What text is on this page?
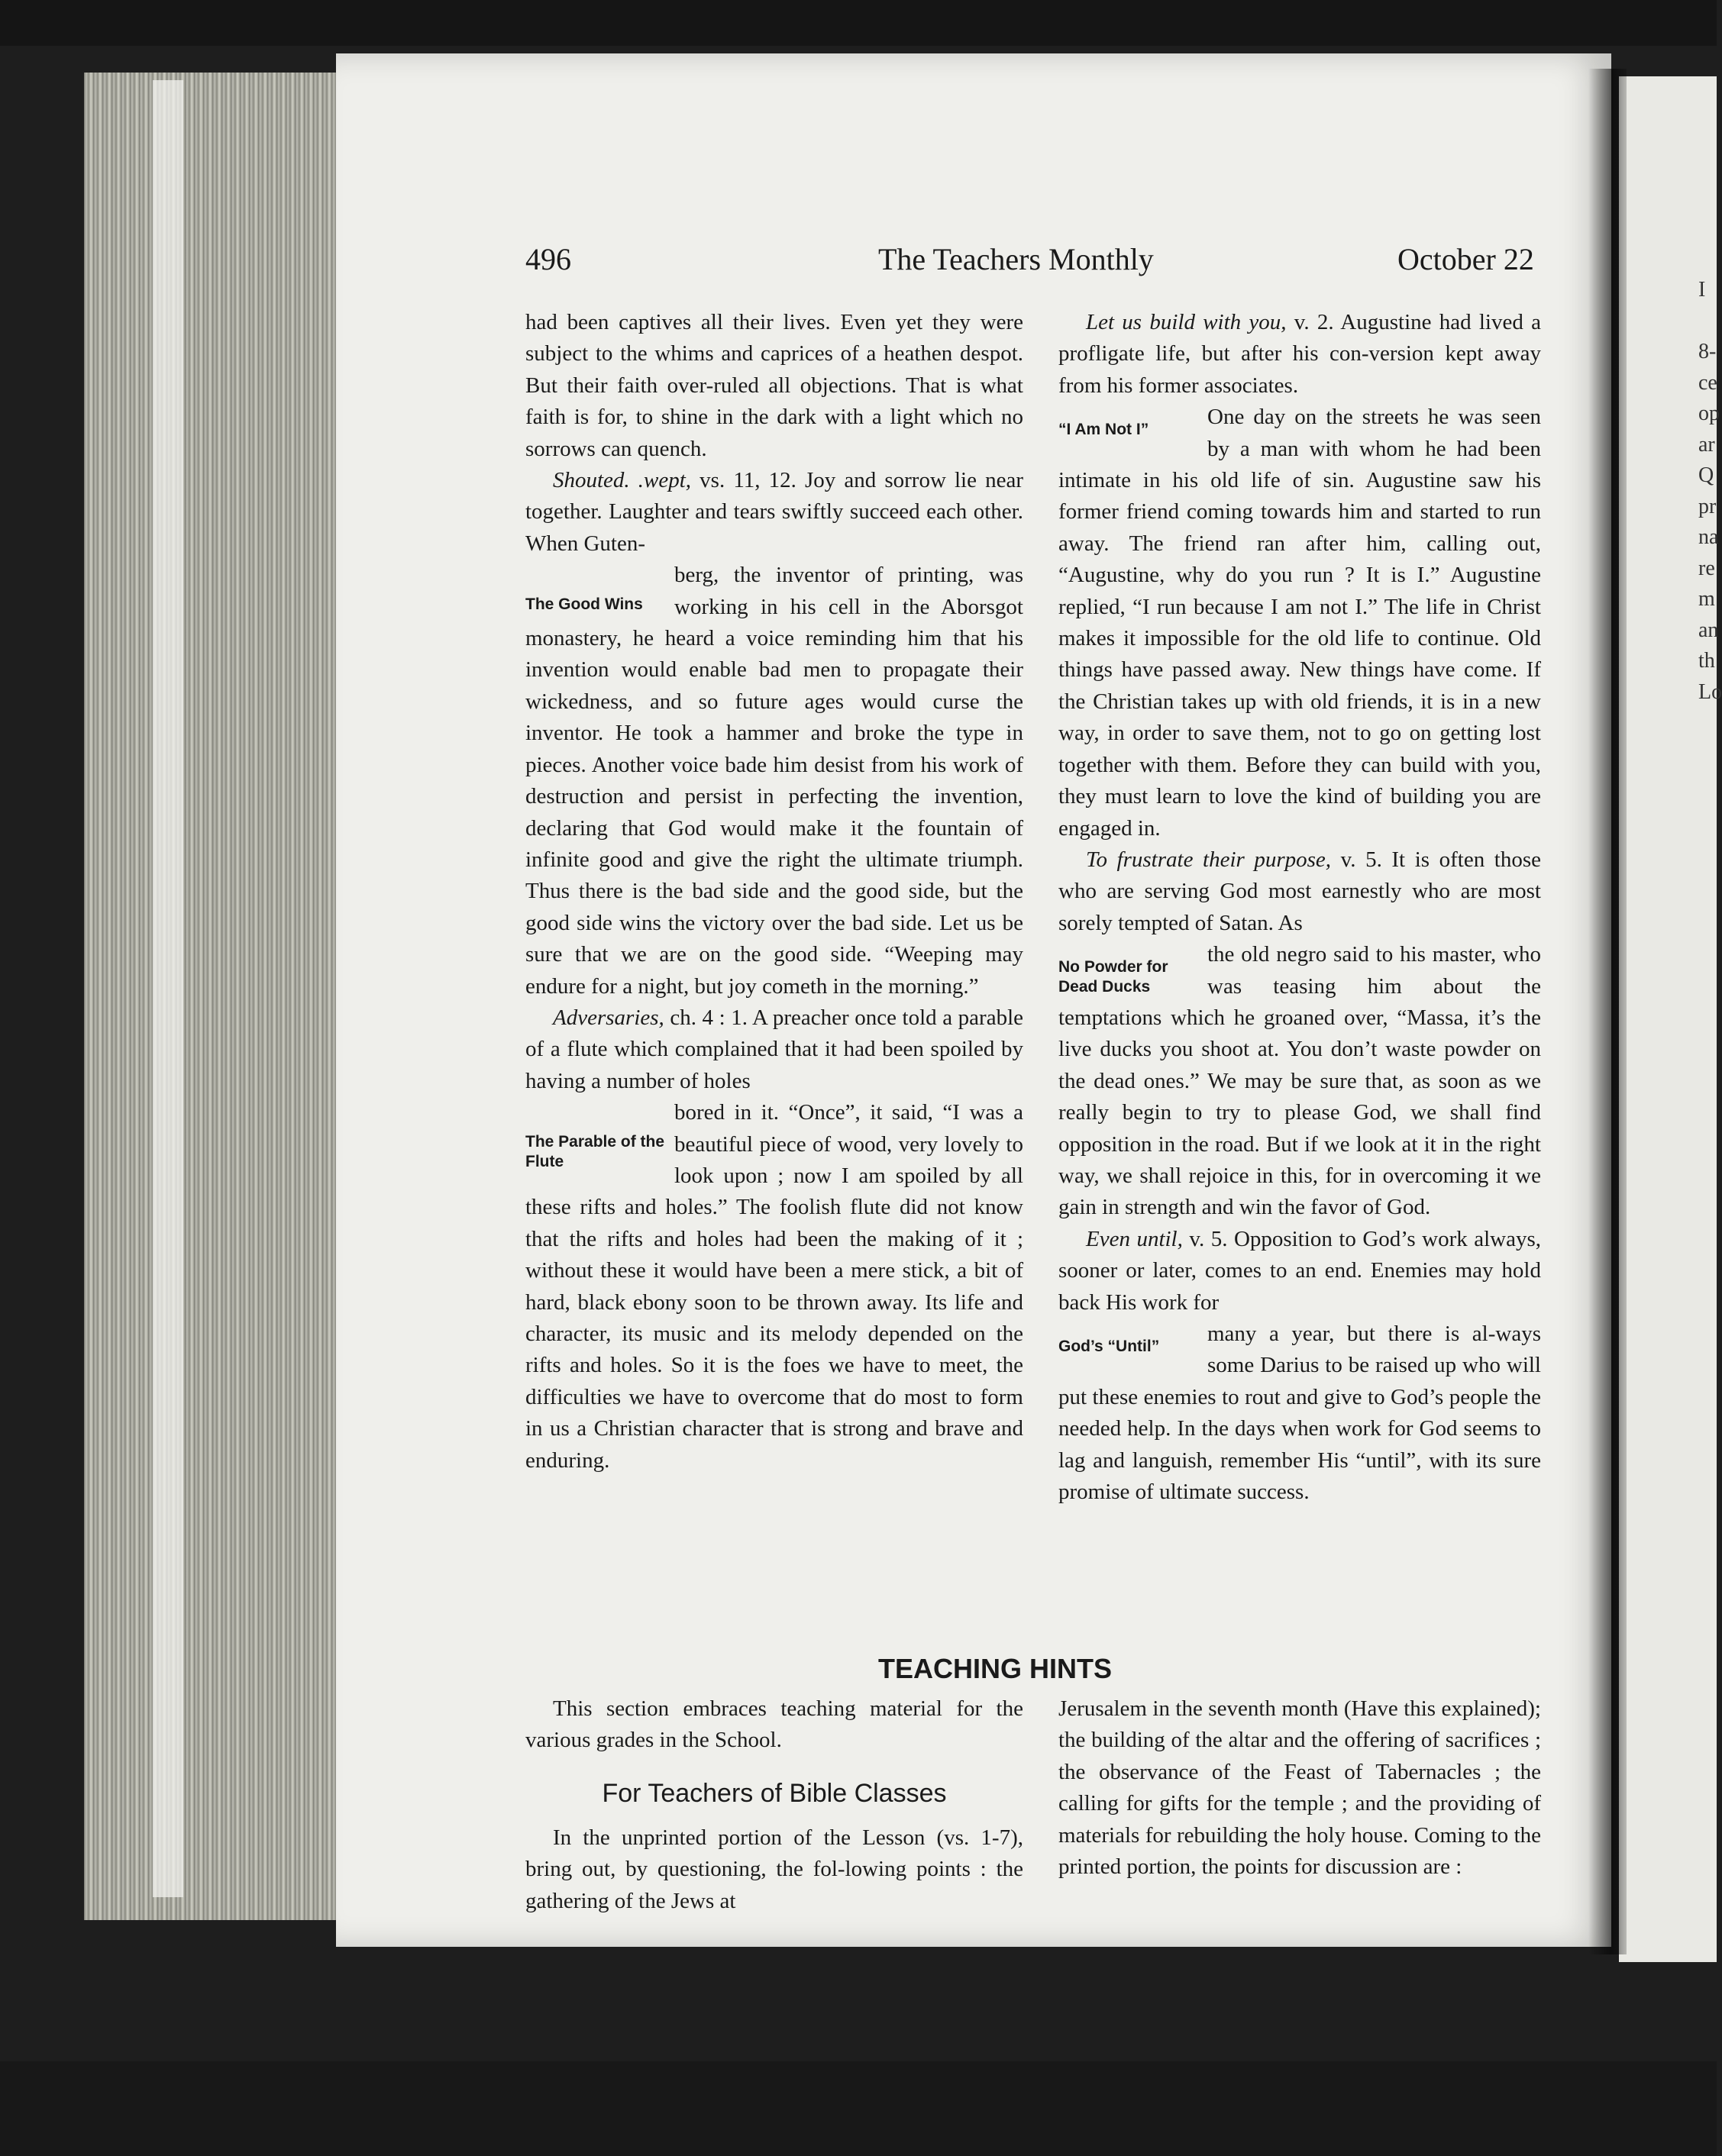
496	The Teachers Monthly	October 22

had been captives all their lives. Even yet they were subject to the whims and caprices of a heathen despot. But their faith over-ruled all objections. That is what faith is for, to shine in the dark with a light which no sorrows can quench.

Shouted. .wept, vs. 11, 12. Joy and sorrow lie near together. Laughter and tears swiftly succeed each other. When Guten-

The Good Wins
berg, the inventor of printing, was working in his cell in the Aborsgot monastery, he heard a voice reminding him that his invention would enable bad men to propagate their wickedness, and so future ages would curse the inventor. He took a hammer and broke the type in pieces. Another voice bade him desist from his work of destruction and persist in perfecting the invention, declaring that God would make it the fountain of infinite good and give the right the ultimate triumph. Thus there is the bad side and the good side, but the good side wins the victory over the bad side. Let us be sure that we are on the good side. “Weeping may endure for a night, but joy cometh in the morning.”

Adversaries, ch. 4 : 1. A preacher once told a parable of a flute which complained that it had been spoiled by having a number of holes

The Parable of the Flute
bored in it. “Once”, it said, “I was a beautiful piece of wood, very lovely to look upon ; now I am spoiled by all these rifts and holes.” The foolish flute did not know that the rifts and holes had been the making of it ; without these it would have been a mere stick, a bit of hard, black ebony soon to be thrown away. Its life and character, its music and its melody depended on the rifts and holes. So it is the foes we have to meet, the difficulties we have to overcome that do most to form in us a Christian character that is strong and brave and enduring.

Let us build with you, v. 2. Augustine had lived a profligate life, but after his con-version kept away from his former associates.

“I Am Not I”
One day on the streets he was seen by a man with whom he had been intimate in his old life of sin. Augustine saw his former friend coming towards him and started to run away. The friend ran after him, calling out, “Augustine, why do you run ? It is I.” Augustine replied, “I run because I am not I.” The life in Christ makes it impossible for the old life to continue. Old things have passed away. New things have come. If the Christian takes up with old friends, it is in a new way, in order to save them, not to go on getting lost together with them. Before they can build with you, they must learn to love the kind of building you are engaged in.

To frustrate their purpose, v. 5. It is often those who are serving God most earnestly who are most sorely tempted of Satan. As

No Powder for Dead Ducks
the old negro said to his master, who was teasing him about the temptations which he groaned over, “Massa, it’s the live ducks you shoot at. You don’t waste powder on the dead ones.” We may be sure that, as soon as we really begin to try to please God, we shall find opposition in the road. But if we look at it in the right way, we shall rejoice in this, for in overcoming it we gain in strength and win the favor of God.

Even until, v. 5. Opposition to God’s work always, sooner or later, comes to an end. Enemies may hold back His work for

God’s “Until”
many a year, but there is al-ways some Darius to be raised up who will put these enemies to rout and give to God’s people the needed help. In the days when work for God seems to lag and languish, remember His “until”, with its sure promise of ultimate success.

TEACHING HINTS

This section embraces teaching material for the various grades in the School.

For Teachers of Bible Classes

In the unprinted portion of the Lesson (vs. 1-7), bring out, by questioning, the fol-lowing points : the gathering of the Jews at

Jerusalem in the seventh month (Have this explained); the building of the altar and the offering of sacrifices ; the observance of the Feast of Tabernacles ; the calling for gifts for the temple ; and the providing of materials for rebuilding the holy house. Coming to the printed portion, the points for discussion are :

I

8-
ce
op
ar
Q
pr
na
re
m
an
th
Lo
